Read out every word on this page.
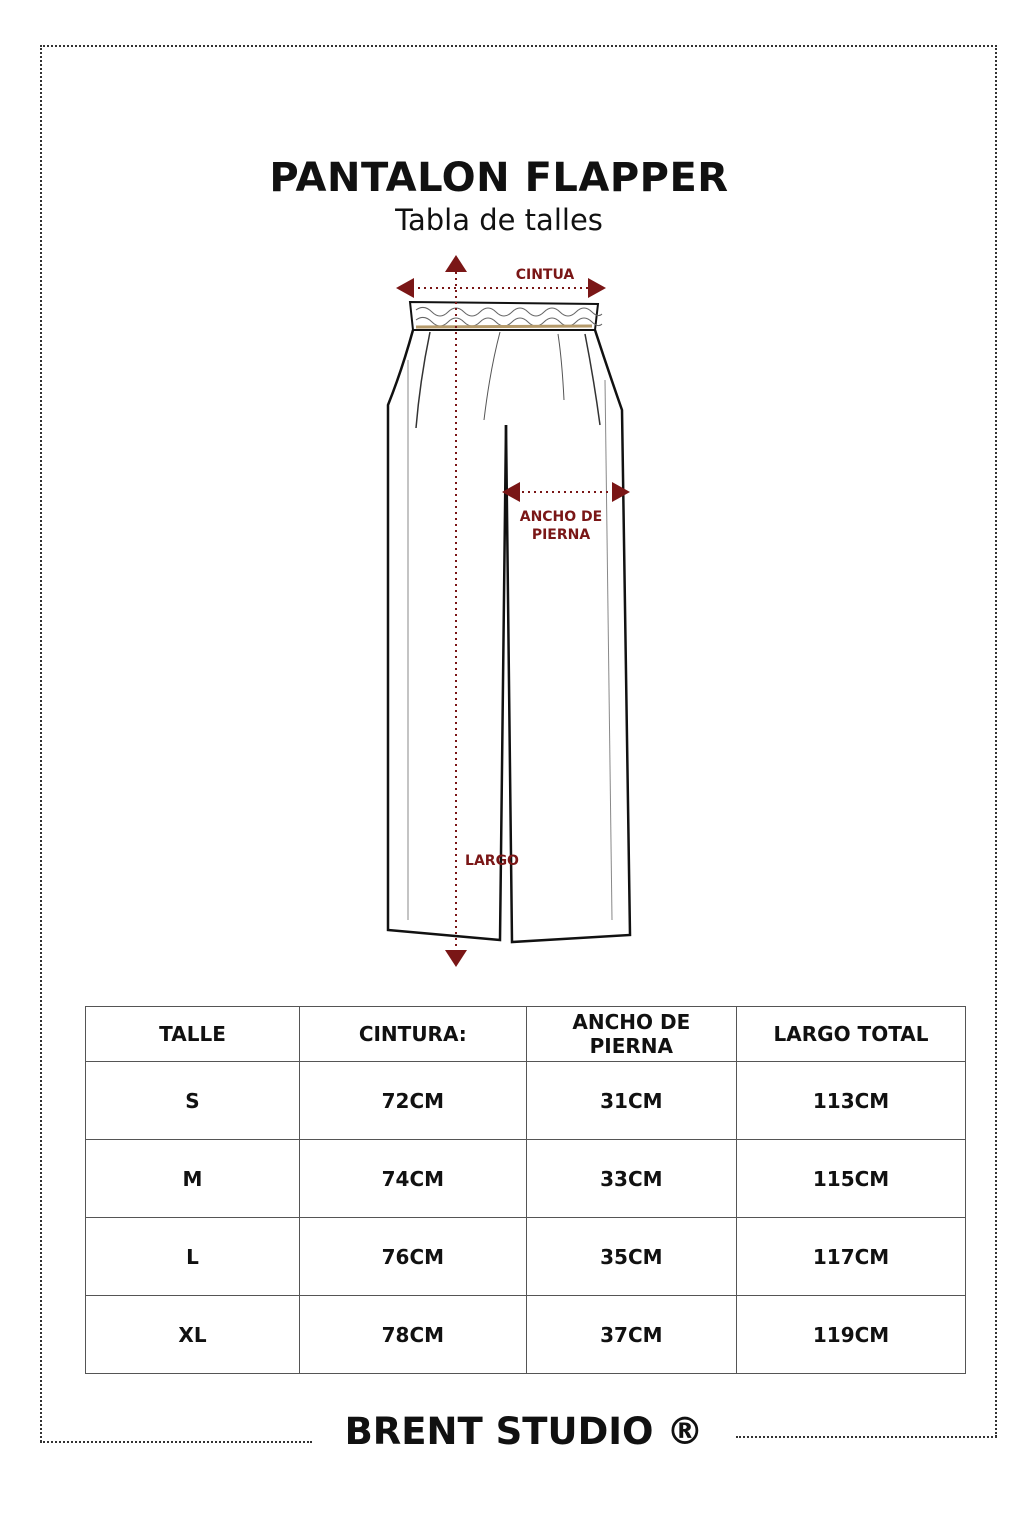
PANTALON FLAPPER
Tabla de talles
CINTUA
ANCHO DE PIERNA
LARGO
TALLE	CINTURA:	ANCHO DE PIERNA	LARGO TOTAL
S	72CM	31CM	113CM
M	74CM	33CM	115CM
L	76CM	35CM	117CM
XL	78CM	37CM	119CM
BRENT STUDIO ®
